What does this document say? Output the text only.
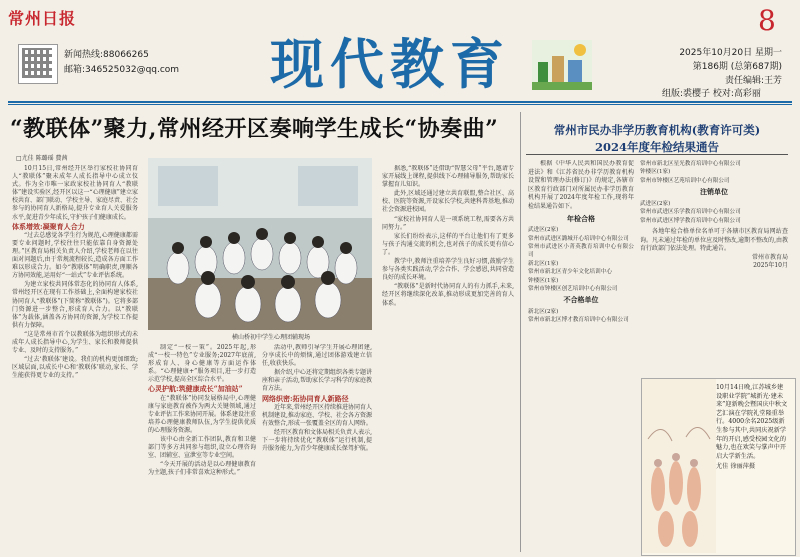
常州日报
新闻热线:88066265
邮箱:346525032@qq.com 现代教育
8
2025年10月20日 星期一
第186期 (总第687期)
责任编辑:王芳
组版:裘樱子 校对:高彩丽
“教联体”聚力,常州经开区奏响学生成长“协奏曲”
□尤佳 陈璐瑶 費茜

10月15日,常州经开区举行家校社协同育人“教联体”聚未成年人成长指导中心成立仪式。作为全市唯一家政家校社协同育人“教联体”建设实验区,经开区以这一“心理健康”建立家校共育、部门联动、学校主导、家庭尽责、社会参与的协同育人新格局,提升专业育人关爱服务水平,促进青少年成长,守护孩子们健康成长。

体系增效:凝聚育人合力

“过去总感觉各学生行为规范,心理健康都需要专业问题时,学校往往只能依靠自身资源处理。”区教育局相关负责人介绍,学校老师在以往面对问题后,由于常规流程较长,造成各方面工作难以形成合力。如今“教联体”明确职责,理顺各方协同效能,运用好“一站式”专业评估系统。

为建立家校共同体常态化的协同育人体系,常州经开区在现有工作基础上,全面构建家校社协同育人“教联体”(下简称“教联体”)。它将多部门资源进一步整合,形成育人合力。以“教联体”为载体,涵盖各方协同的资源,为学校工作提供有力保障。

“这是常州市首个以教联体为组织形式的未成年人成长指导中心,为学生、家长和教师提供专业、及时的支持服务。”

“过去‘教联体’建设。我们的机构更加细致;区域层面,以成长中心和‘教联体’联动,家长、学生能获得更专业的支持。”

横山桥初中学生心理团辅现场

制定“一校一策”。2025年起,形成“一校一特色”专业服务;2027年底前,形成育人、身心健康等方面运作体系。“心理健康+”服务项目,进一步打造示范学校,提高全区综合水平。

心灵护航:筑健康成长“加油站”

在“教联体”协同发展格局中,心理健康与家庭教育被作为两大关键领域,通过专业评估工作来协同开展。体系建设注重培养心理健康教师队伍,为学生提供优质的心理服务资源。

该中心由全新工作团队,教育和卫健部门等多方共同参与组织,设立心理咨询室、团辅室、宣泄室等专业空间。

“今天开展的活动是以心理健康教育为主题,孩子们非常喜欢这种形式。”

活动中,教师引导学生开展心理团建,分享成长中的烦恼,通过团体游戏建立信任,收获快乐。

据介绍,中心还将定期组织各类专题讲座和亲子活动,帮助家长学习科学的家庭教育方法。

网络织密:拓协同育人新路径

近年来,常州经开区持续推进协同育人机制建设,推动家庭、学校、社会各方资源有效整合,形成一张覆盖全区的育人网络。

经开区教育和文体局相关负责人表示,下一步将持续优化“教联体”运行机制,提升服务能力,为青少年健康成长保驾护航。

据悉,“教联体”还借助“智慧父母”平台,邀请专家开展线上课程,提供线下心理辅导服务,帮助家长掌握育儿知识。

此外,区域还通过建立共育联盟,整合社区、高校、医院等资源,开设家长学校,共建科普基地,推动社会资源进校园。

“家校社协同育人是一项系统工程,需要各方共同努力。”

家长们纷纷表示,这样的平台让他们有了更多与孩子沟通交流的机会,也对孩子的成长更有信心了。

教学中,教师注重培养学生良好习惯,鼓励学生参与各类实践活动,学会合作、学会感恩,共同营造良好的成长环境。

“教联体”是新时代协同育人的有力抓手,未来,经开区将继续深化改革,推动形成更加完善的育人体系。

常州市民办非学历教育机构(教育许可类)
2024年度年检结果通告
根据《中华人民共和国民办教育促进法》和《江苏省民办非学历教育机构设置和管理办法(修订)》的规定,各辖市区教育行政部门对所属民办非学历教育机构开展了2024年度年检工作,现将年检结果通告如下。
年检合格
武进区(2家)
常州市武进区潞城开心培训中心有限公司
常州市武进区小菁英教育培训中心有限公司
新北区(1家)
常州市新北区青少年文化培训中心
钟楼区(1家)
常州市钟楼区创艺培训中心有限公司
不合格单位
新北区(2家)
常州市新北区博才教育培训中心有限公司
常州市新北区星光教育培训中心有限公司
钟楼区(1家)
常州市钟楼区艺苑培训中心有限公司
注销单位
武进区(2家)
常州市武进区乐学教育培训中心有限公司
常州市武进区博学教育培训中心有限公司
各地年检合格单位名单可于各辖市区教育局网站查询。凡未通过年检的单位应及时整改,逾期不整改的,由教育行政部门依法处理。特此通告。
常州市教育局
2025年10月
10月14日晚,江苏城乡建设职业学院“城新光·建未来”迎新晚会暨国庆中秋文艺汇演在学院礼堂隆重举行。4000余名2025级新生参与其中,共同庆祝新学年的开启,感受校园文化的魅力,也在欢笑与掌声中开启大学新生活。
尤佳 徐丽萍摄
